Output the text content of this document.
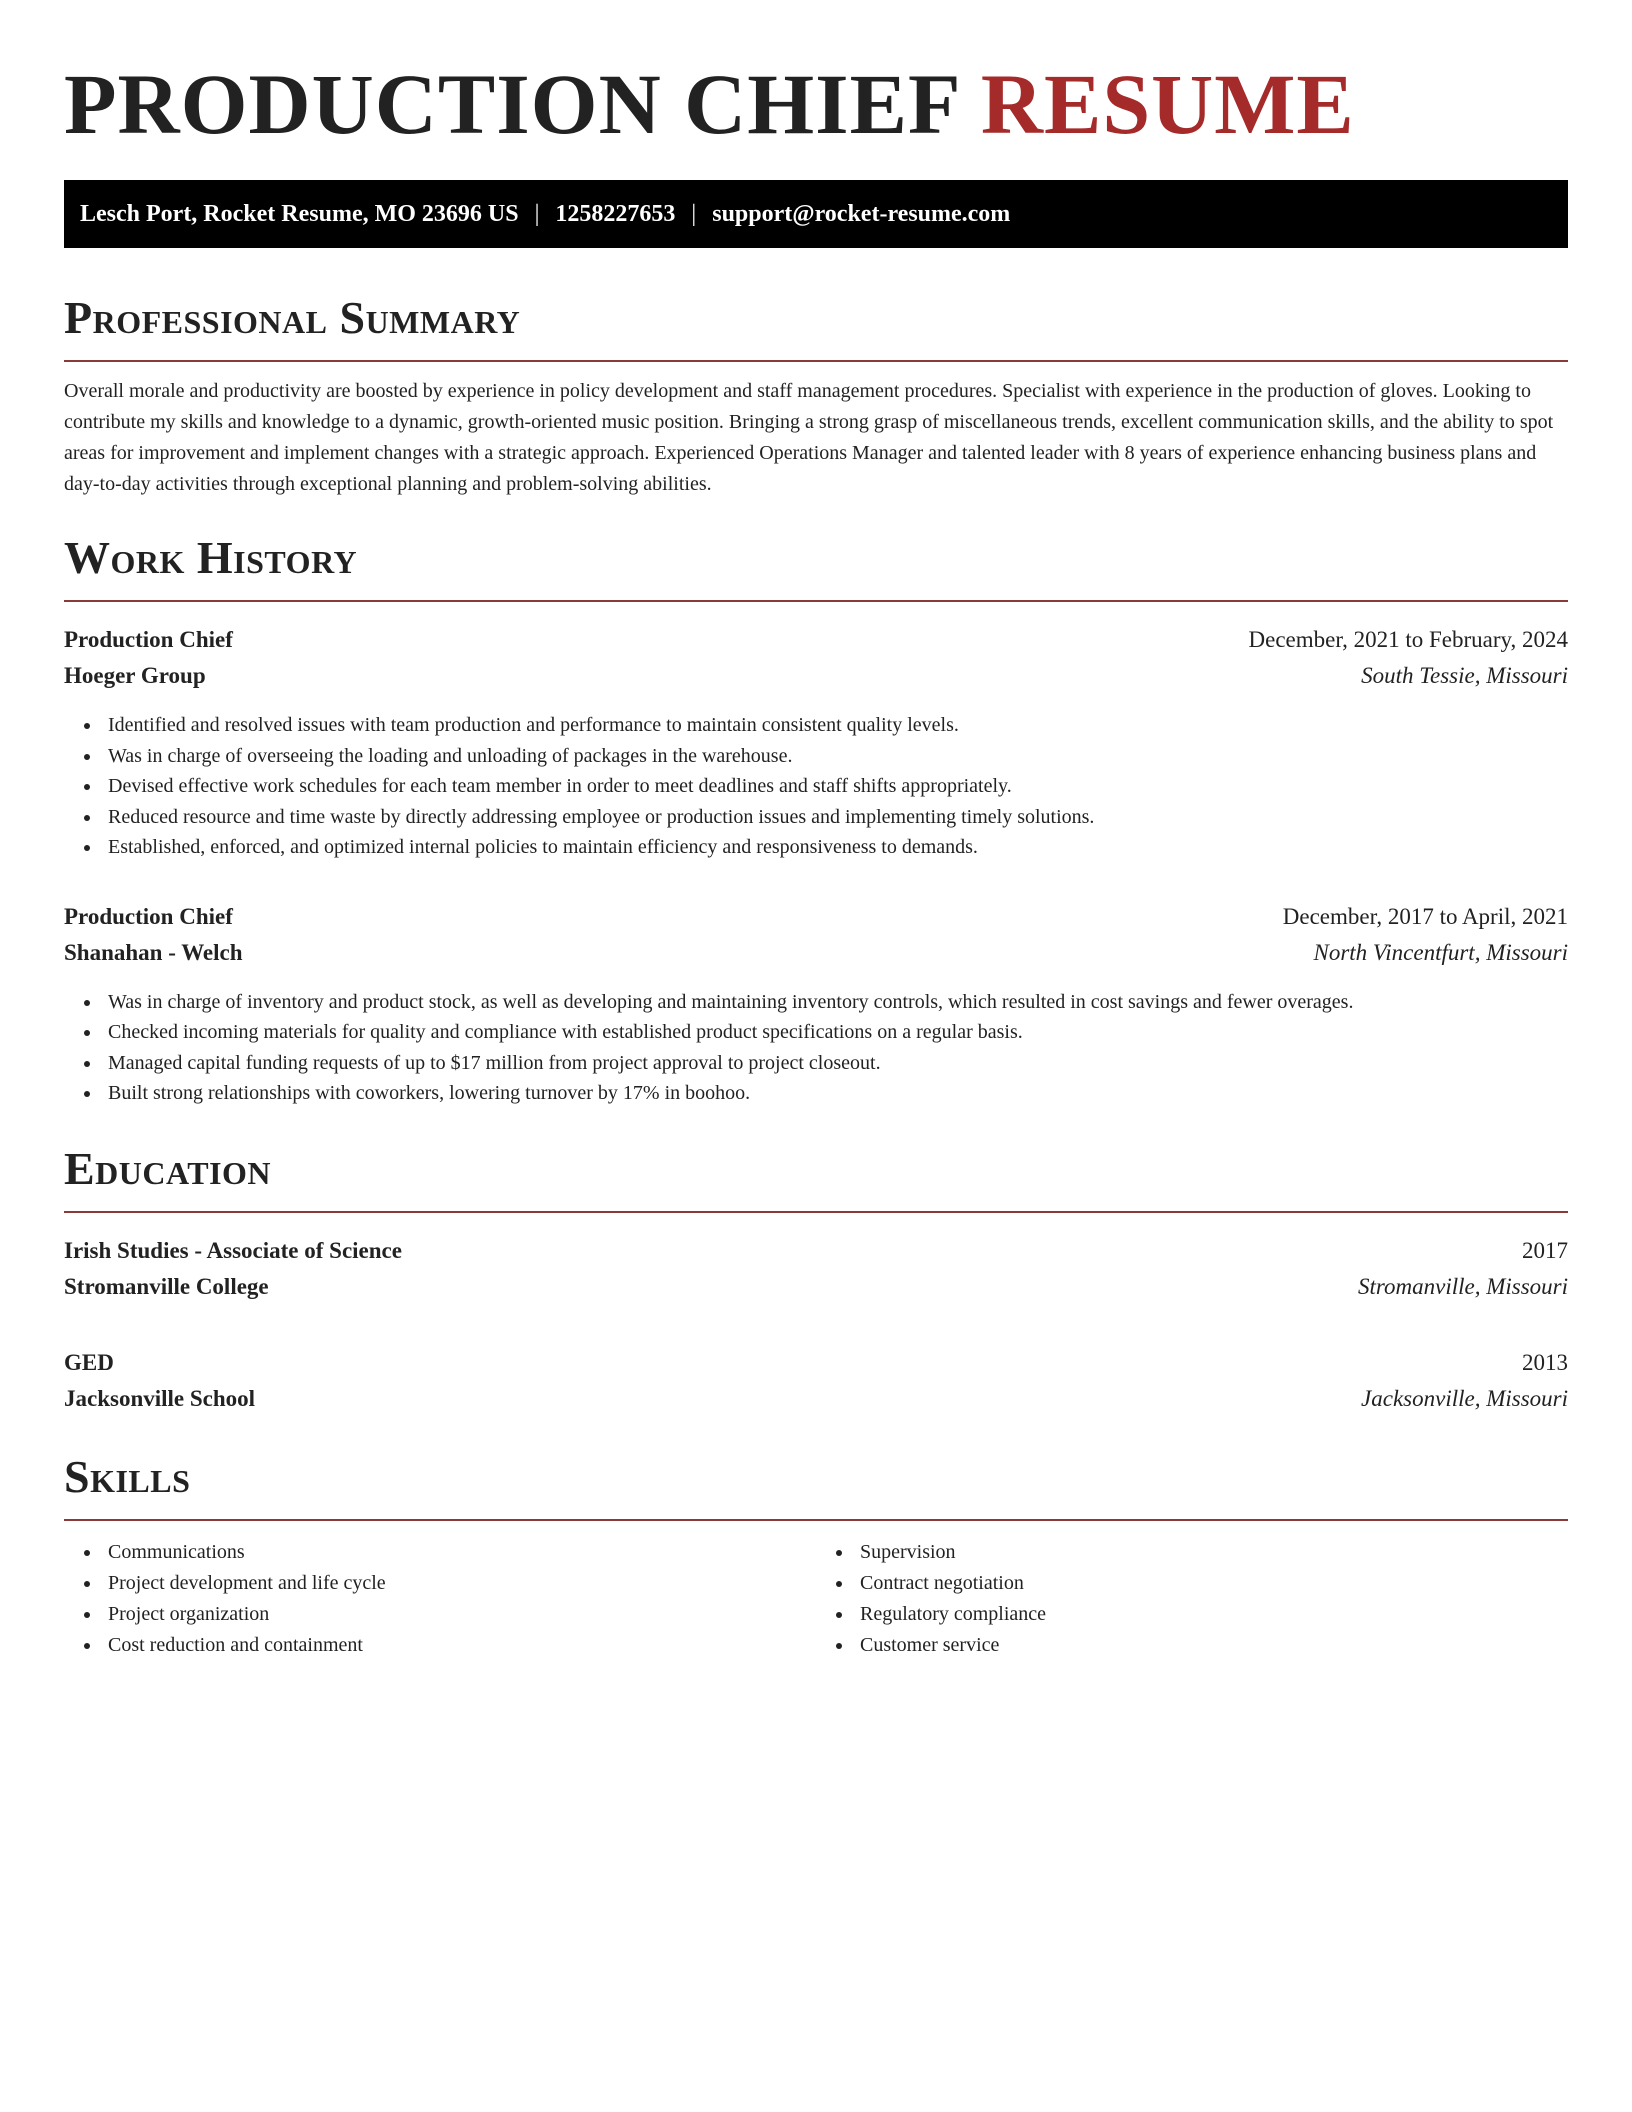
PRODUCTION CHIEF RESUME
Lesch Port, Rocket Resume, MO 23696 US | 1258227653 | support@rocket-resume.com
Professional Summary

Overall morale and productivity are boosted by experience in policy development and staff management procedures. Specialist with experience in the production of gloves. Looking to contribute my skills and knowledge to a dynamic, growth-oriented music position. Bringing a strong grasp of miscellaneous trends, excellent communication skills, and the ability to spot areas for improvement and implement changes with a strategic approach. Experienced Operations Manager and talented leader with 8 years of experience enhancing business plans and day-to-day activities through exceptional planning and problem-solving abilities.

Work History
Production Chief	December, 2021 to February, 2024
Hoeger Group	South Tessie, Missouri
Identified and resolved issues with team production and performance to maintain consistent quality levels.
Was in charge of overseeing the loading and unloading of packages in the warehouse.
Devised effective work schedules for each team member in order to meet deadlines and staff shifts appropriately.
Reduced resource and time waste by directly addressing employee or production issues and implementing timely solutions.
Established, enforced, and optimized internal policies to maintain efficiency and responsiveness to demands.
Production Chief	December, 2017 to April, 2021
Shanahan - Welch	North Vincentfurt, Missouri
Was in charge of inventory and product stock, as well as developing and maintaining inventory controls, which resulted in cost savings and fewer overages.
Checked incoming materials for quality and compliance with established product specifications on a regular basis.
Managed capital funding requests of up to $17 million from project approval to project closeout.
Built strong relationships with coworkers, lowering turnover by 17% in boohoo.
Education
Irish Studies - Associate of Science	2017
Stromanville College	Stromanville, Missouri
GED	2013
Jacksonville School	Jacksonville, Missouri
Skills
Communications
Project development and life cycle
Project organization
Cost reduction and containment
Supervision
Contract negotiation
Regulatory compliance
Customer service
